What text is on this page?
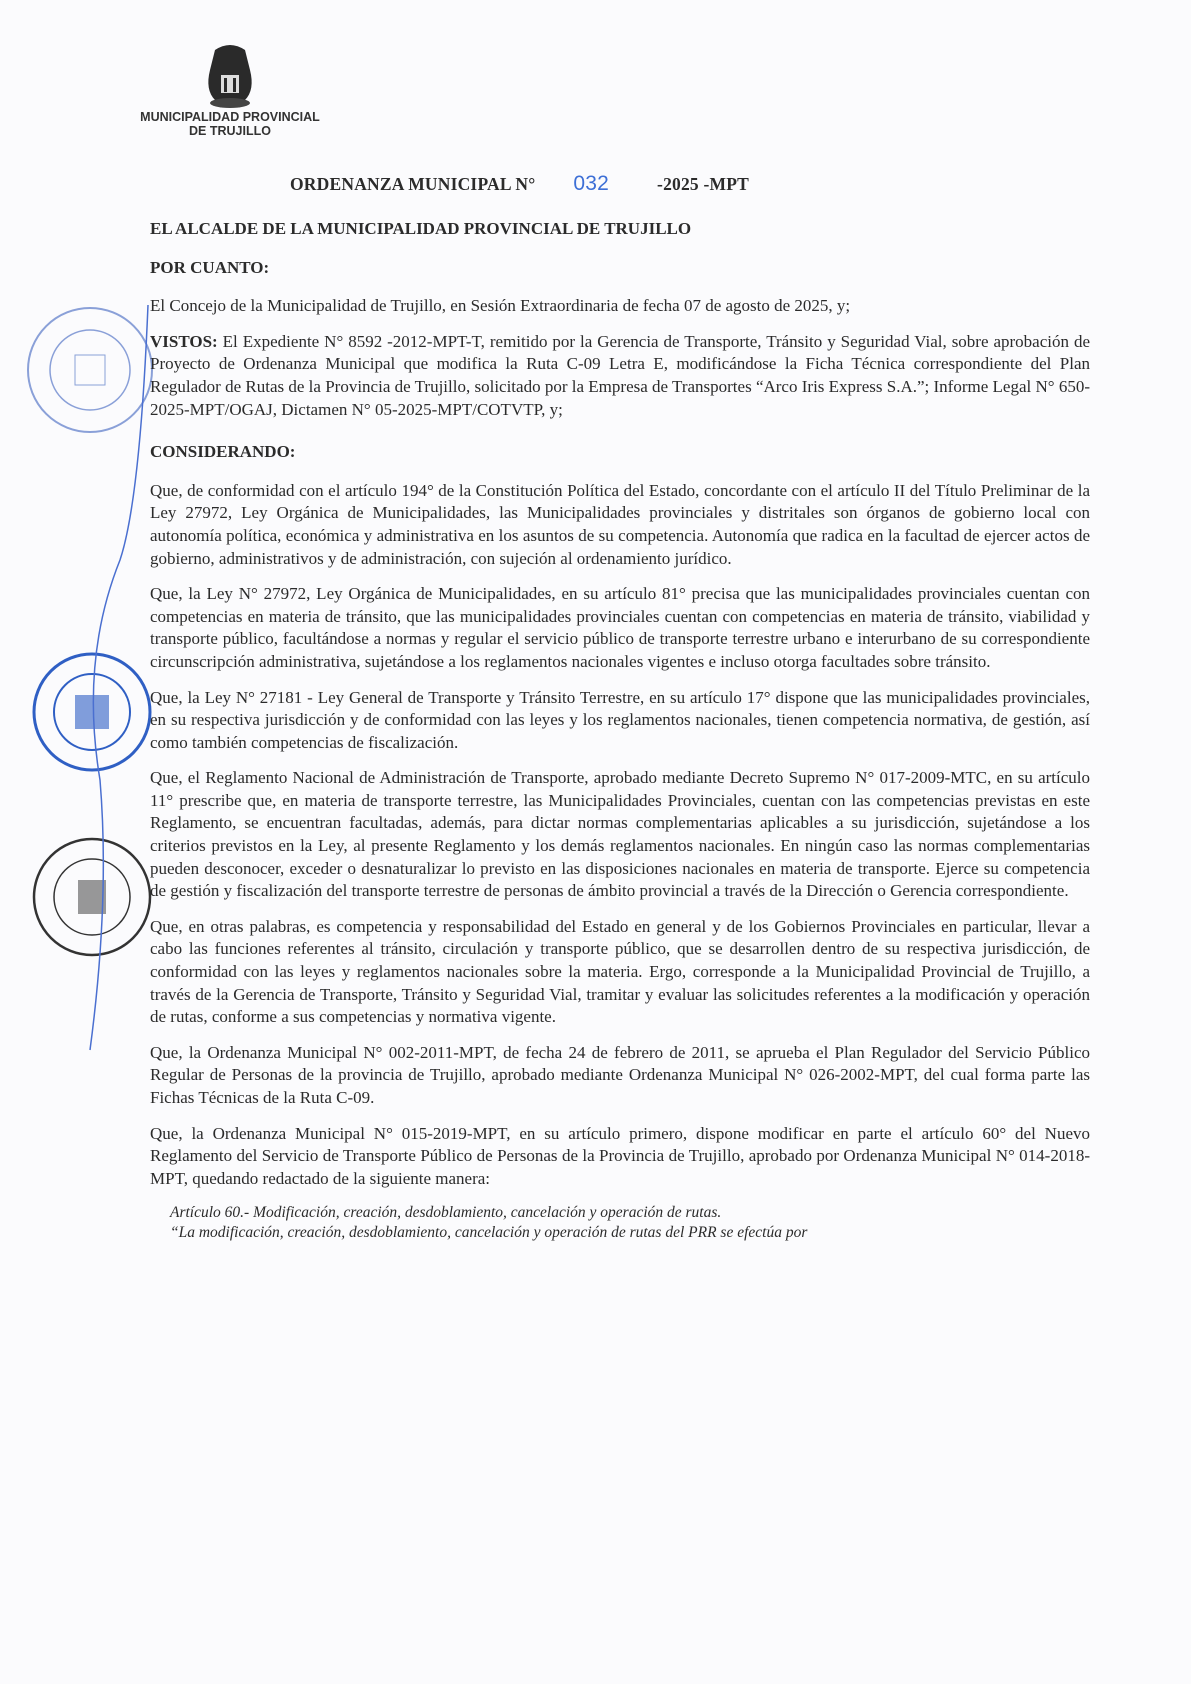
MUNICIPALIDAD PROVINCIAL
DE TRUJILLO
ORDENANZA MUNICIPAL N° 032	-2025 -MPT
EL ALCALDE DE LA MUNICIPALIDAD PROVINCIAL DE TRUJILLO
POR CUANTO:

El Concejo de la Municipalidad de Trujillo, en Sesión Extraordinaria de fecha 07 de agosto de 2025, y;

VISTOS: El Expediente N° 8592 -2012-MPT-T, remitido por la Gerencia de Transporte, Tránsito y Seguridad Vial, sobre aprobación de Proyecto de Ordenanza Municipal que modifica la Ruta C-09 Letra E, modificándose la Ficha Técnica correspondiente del Plan Regulador de Rutas de la Provincia de Trujillo, solicitado por la Empresa de Transportes “Arco Iris Express S.A.”; Informe Legal N° 650-2025-MPT/OGAJ, Dictamen N° 05-2025-MPT/COTVTP, y;

CONSIDERANDO:

Que, de conformidad con el artículo 194° de la Constitución Política del Estado, concordante con el artículo II del Título Preliminar de la Ley 27972, Ley Orgánica de Municipalidades, las Municipalidades provinciales y distritales son órganos de gobierno local con autonomía política, económica y administrativa en los asuntos de su competencia. Autonomía que radica en la facultad de ejercer actos de gobierno, administrativos y de administración, con sujeción al ordenamiento jurídico.

Que, la Ley N° 27972, Ley Orgánica de Municipalidades, en su artículo 81° precisa que las municipalidades provinciales cuentan con competencias en materia de tránsito, que las municipalidades provinciales cuentan con competencias en materia de tránsito, viabilidad y transporte público, facultándose a normas y regular el servicio público de transporte terrestre urbano e interurbano de su correspondiente circunscripción administrativa, sujetándose a los reglamentos nacionales vigentes e incluso otorga facultades sobre tránsito.

Que, la Ley N° 27181 - Ley General de Transporte y Tránsito Terrestre, en su artículo 17° dispone que las municipalidades provinciales, en su respectiva jurisdicción y de conformidad con las leyes y los reglamentos nacionales, tienen competencia normativa, de gestión, así como también competencias de fiscalización.

Que, el Reglamento Nacional de Administración de Transporte, aprobado mediante Decreto Supremo N° 017-2009-MTC, en su artículo 11° prescribe que, en materia de transporte terrestre, las Municipalidades Provinciales, cuentan con las competencias previstas en este Reglamento, se encuentran facultadas, además, para dictar normas complementarias aplicables a su jurisdicción, sujetándose a los criterios previstos en la Ley, al presente Reglamento y los demás reglamentos nacionales. En ningún caso las normas complementarias pueden desconocer, exceder o desnaturalizar lo previsto en las disposiciones nacionales en materia de transporte. Ejerce su competencia de gestión y fiscalización del transporte terrestre de personas de ámbito provincial a través de la Dirección o Gerencia correspondiente.

Que, en otras palabras, es competencia y responsabilidad del Estado en general y de los Gobiernos Provinciales en particular, llevar a cabo las funciones referentes al tránsito, circulación y transporte público, que se desarrollen dentro de su respectiva jurisdicción, de conformidad con las leyes y reglamentos nacionales sobre la materia. Ergo, corresponde a la Municipalidad Provincial de Trujillo, a través de la Gerencia de Transporte, Tránsito y Seguridad Vial, tramitar y evaluar las solicitudes referentes a la modificación y operación de rutas, conforme a sus competencias y normativa vigente.

Que, la Ordenanza Municipal N° 002-2011-MPT, de fecha 24 de febrero de 2011, se aprueba el Plan Regulador del Servicio Público Regular de Personas de la provincia de Trujillo, aprobado mediante Ordenanza Municipal N° 026-2002-MPT, del cual forma parte las Fichas Técnicas de la Ruta C-09.

Que, la Ordenanza Municipal N° 015-2019-MPT, en su artículo primero, dispone modificar en parte el artículo 60° del Nuevo Reglamento del Servicio de Transporte Público de Personas de la Provincia de Trujillo, aprobado por Ordenanza Municipal N° 014-2018-MPT, quedando redactado de la siguiente manera:

Artículo 60.- Modificación, creación, desdoblamiento, cancelación y operación de rutas.

“La modificación, creación, desdoblamiento, cancelación y operación de rutas del PRR se efectúa por
